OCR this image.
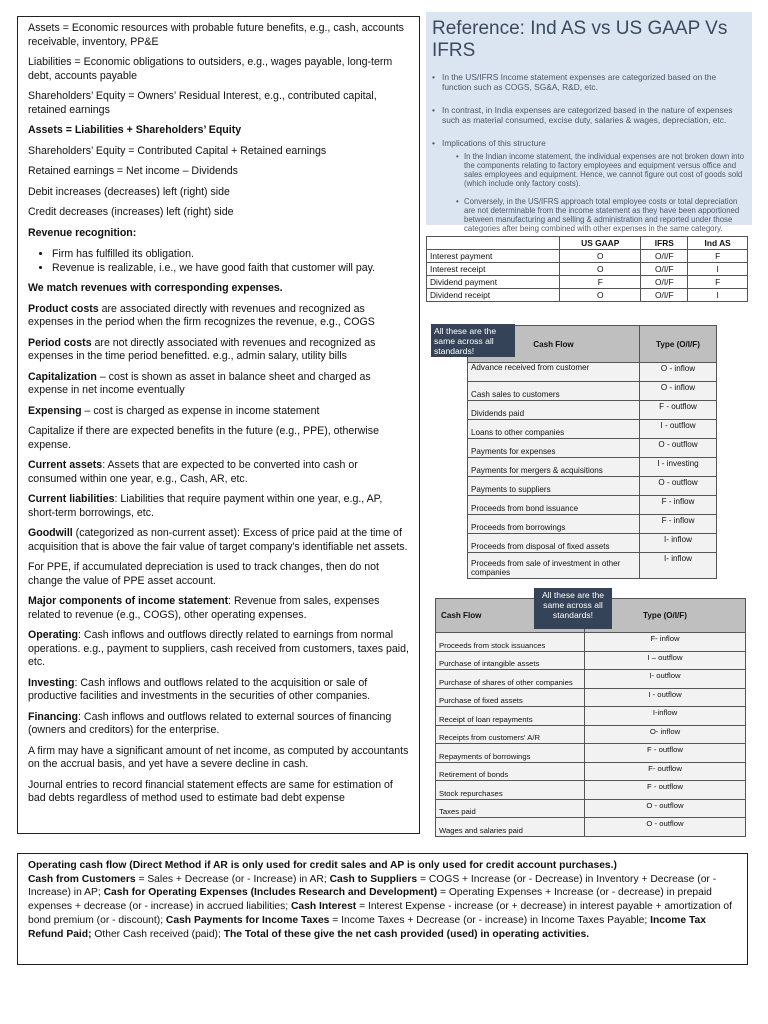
Assets = Economic resources with probable future benefits, e.g., cash, accounts receivable, inventory, PP&E

Liabilities = Economic obligations to outsiders, e.g., wages payable, long-term debt, accounts payable

Shareholders’ Equity = Owners’ Residual Interest, e.g., contributed capital, retained earnings

Assets = Liabilities + Shareholders’ Equity

Shareholders’ Equity = Contributed Capital + Retained earnings

Retained earnings = Net income – Dividends

Debit increases (decreases) left (right) side

Credit decreases (increases) left (right) side

Revenue recognition:

• Firm has fulfilled its obligation.
• Revenue is realizable, i.e., we have good faith that customer will pay.

We match revenues with corresponding expenses.

Product costs are associated directly with revenues and recognized as expenses in the period when the firm recognizes the revenue, e.g., COGS

Period costs are not directly associated with revenues and recognized as expenses in the time period benefitted. e.g., admin salary, utility bills

Capitalization – cost is shown as asset in balance sheet and charged as expense in net income eventually

Expensing – cost is charged as expense in income statement

Capitalize if there are expected benefits in the future (e.g., PPE), otherwise expense.

Current assets: Assets that are expected to be converted into cash or consumed within one year, e.g., Cash, AR, etc.

Current liabilities: Liabilities that require payment within one year, e.g., AP, short-term borrowings, etc.

Goodwill (categorized as non-current asset): Excess of price paid at the time of acquisition that is above the fair value of target company's identifiable net assets.

For PPE, if accumulated depreciation is used to track changes, then do not change the value of PPE asset account.

Major components of income statement: Revenue from sales, expenses related to revenue (e.g., COGS), other operating expenses.

Operating: Cash inflows and outflows directly related to earnings from normal operations. e.g., payment to suppliers, cash received from customers, taxes paid, etc.

Investing: Cash inflows and outflows related to the acquisition or sale of productive facilities and investments in the securities of other companies.

Financing: Cash inflows and outflows related to external sources of financing (owners and creditors) for the enterprise.

A firm may have a significant amount of net income, as computed by accountants on the accrual basis, and yet have a severe decline in cash.

Journal entries to record financial statement effects are same for estimation of bad debts regardless of method used to estimate bad debt expense

Reference: Ind AS vs US GAAP Vs IFRS
• In the US/IFRS Income statement expenses are categorized based on the function such as COGS, SG&A, R&D, etc.
• In contrast, in India expenses are categorized based in the nature of expenses such as material consumed, excise duty, salaries & wages, depreciation, etc.
• Implications of this structure
• In the Indian income statement, the individual expenses are not broken down into the components relating to factory employees and equipment versus office and sales employees and equipment. Hence, we cannot figure out cost of goods sold (which include only factory costs).
• Conversely, in the US/IFRS approach total employee costs or total depreciation are not determinable from the income statement as they have been apportioned between manufacturing and selling & administration and reported under those categories after being combined with other expenses in the same category.
	US GAAP	IFRS	Ind AS
Interest payment	O	O/I/F	F
Interest receipt	O	O/I/F	I
Dividend payment	F	O/I/F	F
Dividend receipt	O	O/I/F	I
Cash Flow	Type (O/I/F)
Advance received from customer	O - inflow
Cash sales to customers	O - inflow
Dividends paid	F - outflow
Loans to other companies	I - outflow
Payments for expenses	O - outflow
Payments for mergers & acquisitions	I - investing
Payments to suppliers	O - outflow
Proceeds from bond issuance	F - inflow
Proceeds from borrowings	F - inflow
Proceeds from disposal of fixed assets	I- inflow
Proceeds from sale of investment in other companies	I- inflow
All these are the same across all standards!
Cash Flow	Type (O/I/F)
Proceeds from stock issuances	F- inflow
Purchase of intangible assets	I – outflow
Purchase of shares of other companies	I- outflow
Purchase of fixed assets	I - outflow
Receipt of loan repayments	I-inflow
Receipts from customers' A/R	O- inflow
Repayments of borrowings	F - outflow
Retirement of bonds	F- outflow
Stock repurchases	F - outflow
Taxes paid	O - outflow
Wages and salaries paid	O - outflow
All these are the same across all standards!
Operating cash flow (Direct Method if AR is only used for credit sales and AP is only used for credit account purchases.)
Cash from Customers = Sales + Decrease (or - Increase) in AR; Cash to Suppliers = COGS + Increase (or - Decrease) in Inventory + Decrease (or - Increase) in AP; Cash for Operating Expenses (Includes Research and Development) = Operating Expenses + Increase (or - decrease) in prepaid expenses + decrease (or - increase) in accrued liabilities; Cash Interest = Interest Expense - increase (or + decrease) in interest payable + amortization of bond premium (or - discount); Cash Payments for Income Taxes = Income Taxes + Decrease (or - increase) in Income Taxes Payable; Income Tax Refund Paid; Other Cash received (paid); The Total of these give the net cash provided (used) in operating activities.
